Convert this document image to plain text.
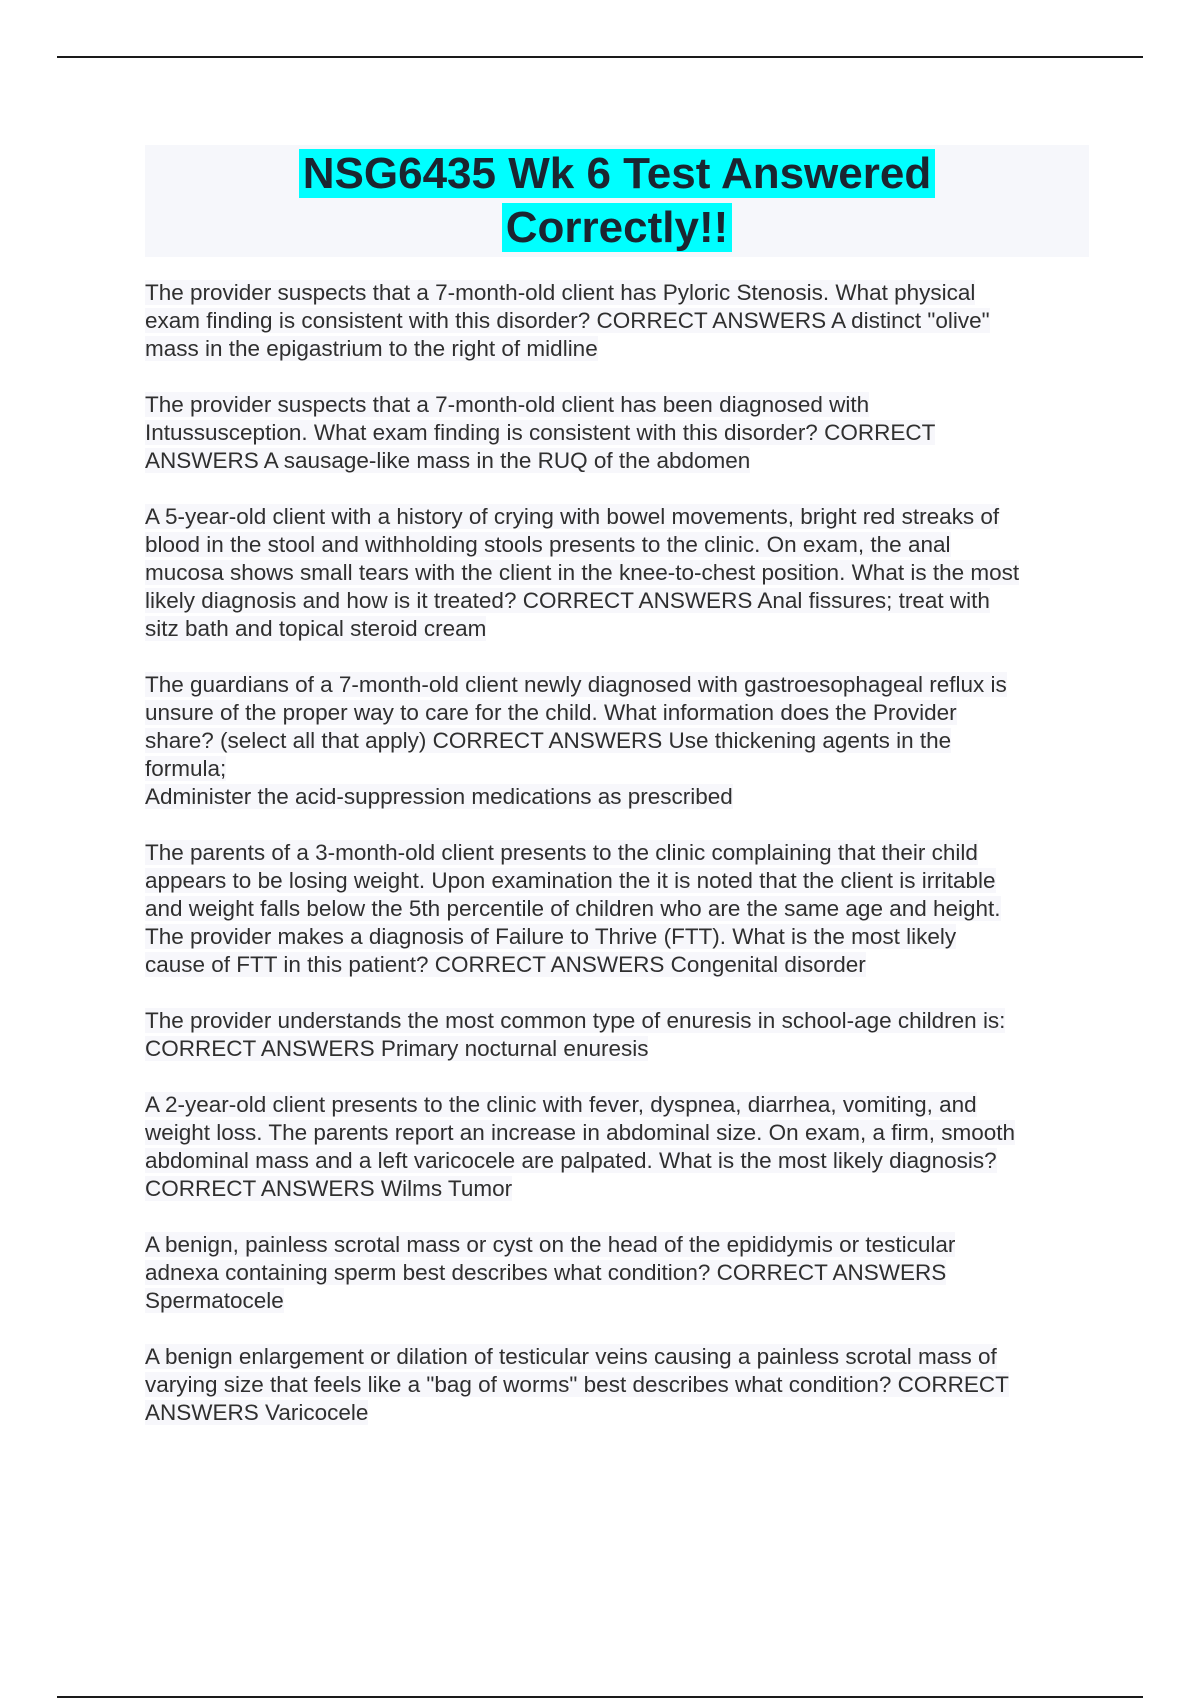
NSG6435 Wk 6 Test Answered
Correctly!!

The provider suspects that a 7-month-old client has Pyloric Stenosis. What physical
exam finding is consistent with this disorder? CORRECT ANSWERS A distinct "olive"
mass in the epigastrium to the right of midline

The provider suspects that a 7-month-old client has been diagnosed with
Intussusception. What exam finding is consistent with this disorder? CORRECT
ANSWERS A sausage-like mass in the RUQ of the abdomen

A 5-year-old client with a history of crying with bowel movements, bright red streaks of
blood in the stool and withholding stools presents to the clinic. On exam, the anal
mucosa shows small tears with the client in the knee-to-chest position. What is the most
likely diagnosis and how is it treated? CORRECT ANSWERS Anal fissures; treat with
sitz bath and topical steroid cream

The guardians of a 7-month-old client newly diagnosed with gastroesophageal reflux is
unsure of the proper way to care for the child. What information does the Provider
share? (select all that apply) CORRECT ANSWERS Use thickening agents in the
formula;
Administer the acid-suppression medications as prescribed

The parents of a 3-month-old client presents to the clinic complaining that their child
appears to be losing weight. Upon examination the it is noted that the client is irritable
and weight falls below the 5th percentile of children who are the same age and height.
The provider makes a diagnosis of Failure to Thrive (FTT). What is the most likely
cause of FTT in this patient? CORRECT ANSWERS Congenital disorder

The provider understands the most common type of enuresis in school-age children is:
CORRECT ANSWERS Primary nocturnal enuresis

A 2-year-old client presents to the clinic with fever, dyspnea, diarrhea, vomiting, and
weight loss. The parents report an increase in abdominal size. On exam, a firm, smooth
abdominal mass and a left varicocele are palpated. What is the most likely diagnosis?
CORRECT ANSWERS Wilms Tumor

A benign, painless scrotal mass or cyst on the head of the epididymis or testicular
adnexa containing sperm best describes what condition? CORRECT ANSWERS
Spermatocele

A benign enlargement or dilation of testicular veins causing a painless scrotal mass of
varying size that feels like a "bag of worms" best describes what condition? CORRECT
ANSWERS Varicocele
